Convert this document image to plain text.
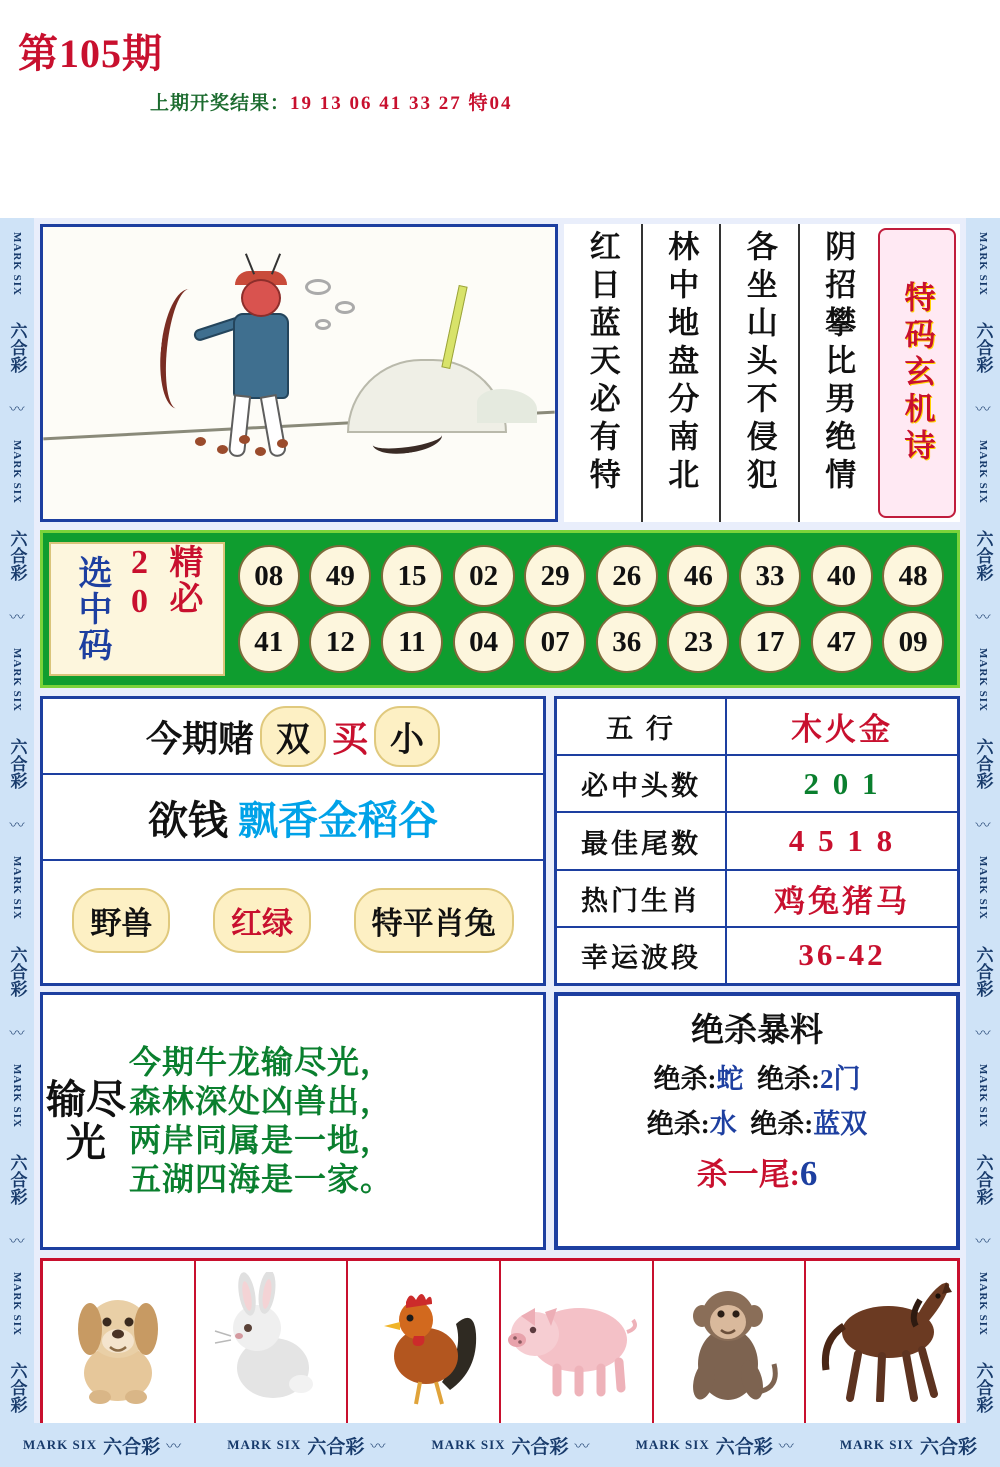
第105期
上期开奖结果：19 13 06 41 33 27 特04
MARK SIX
六合彩
〰
MARK SIX
六合彩
〰
MARK SIX
六合彩
〰
MARK SIX
六合彩
〰
MARK SIX
六合彩
〰
MARK SIX
六合彩
MARK SIX
六合彩
〰
MARK SIX
六合彩
〰
MARK SIX
六合彩
〰
MARK SIX
六合彩
〰
MARK SIX
六合彩
〰
MARK SIX
六合彩
特码玄机诗
阴招攀比男绝情
各坐山头不侵犯
林中地盘分南北
红日蓝天必有特
选中码	精必20	08	49	15	02	29	26	46	33	40	48
41	12	11	04	07	36	23	17	47	09
今期赌 双 买 小
欲钱 飘香金稻谷
野兽	红绿	特平肖兔
五 行	木火金
必中头数	2 0 1
最佳尾数	4 5 1 8
热门生肖	鸡兔猪马
幸运波段	36-42
输尽光
今期牛龙输尽光，
森林深处凶兽出，
两岸同属是一地，
五湖四海是一家。
绝杀暴料
绝杀:蛇 绝杀:2门
绝杀:水 绝杀:蓝双
杀一尾:6
MARK SIX 六合彩 〰	MARK SIX 六合彩 〰	MARK SIX 六合彩 〰	MARK SIX 六合彩 〰	MARK SIX 六合彩
